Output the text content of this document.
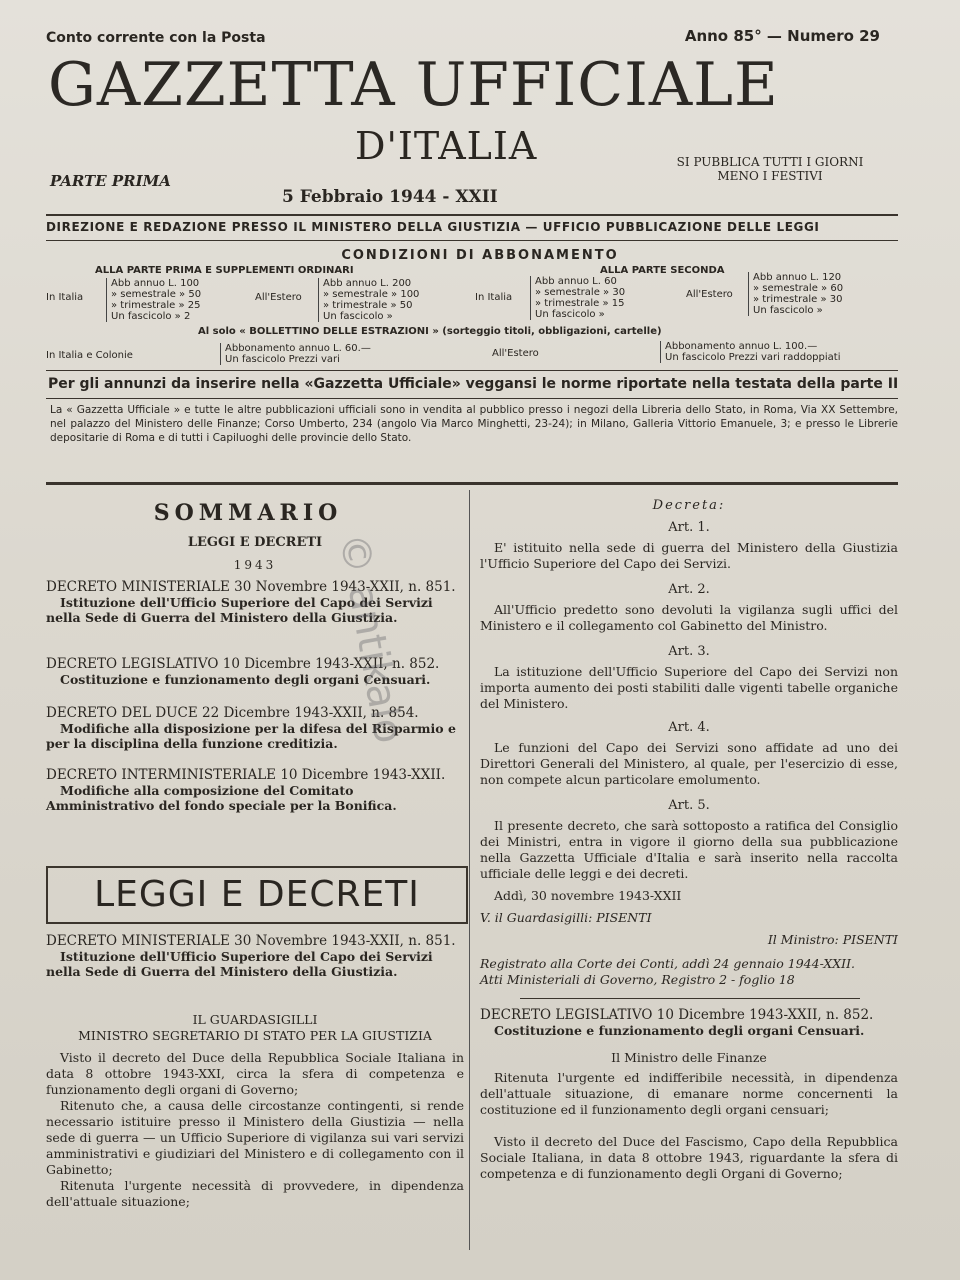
Conto corrente con la Posta	Anno 85° — Numero 29
GAZZETTA UFFICIALE
D'ITALIA
PARTE PRIMA
5 Febbraio 1944 - XXII
SI PUBBLICA TUTTI I GIORNI
MENO I FESTIVI
DIREZIONE E REDAZIONE PRESSO IL MINISTERO DELLA GIUSTIZIA — UFFICIO PUBBLICAZIONE DELLE LEGGI
CONDIZIONI DI ABBONAMENTO
ALLA PARTE PRIMA E SUPPLEMENTI ORDINARI	ALLA PARTE SECONDA
In Italia
Abb annuo L. 100
» semestrale » 50
» trimestrale » 25
Un fascicolo » 2
All'Estero
Abb annuo L. 200
» semestrale » 100
» trimestrale » 50
Un fascicolo »
In Italia
Abb annuo L. 60
» semestrale » 30
» trimestrale » 15
Un fascicolo »
All'Estero
Abb annuo L. 120
» semestrale » 60
» trimestrale » 30
Un fascicolo »
Al solo « BOLLETTINO DELLE ESTRAZIONI » (sorteggio titoli, obbligazioni, cartelle)
In Italia e Colonie
Abbonamento annuo L. 60.—
Un fascicolo Prezzi vari
All'Estero
Abbonamento annuo L. 100.—
Un fascicolo Prezzi vari raddoppiati
Per gli annunzi da inserire nella «Gazzetta Ufficiale» veggansi le norme riportate nella testata della parte II
La « Gazzetta Ufficiale » e tutte le altre pubblicazioni ufficiali sono in vendita al pubblico presso i negozi della Libreria dello Stato, in Roma, Via XX Settembre, nel palazzo del Ministero delle Finanze; Corso Umberto, 234 (angolo Via Marco Minghetti, 23-24); in Milano, Galleria Vittorio Emanuele, 3; e presso le Librerie depositarie di Roma e di tutti i Capiluoghi delle provincie dello Stato.
SOMMARIO
LEGGI E DECRETI
1943
DECRETO MINISTERIALE 30 Novembre 1943-XXII, n. 851.
Istituzione dell'Ufficio Superiore del Capo dei Servizi nella Sede di Guerra del Ministero della Giustizia.
DECRETO LEGISLATIVO 10 Dicembre 1943-XXII, n. 852.
Costituzione e funzionamento degli organi Censuari.
DECRETO DEL DUCE 22 Dicembre 1943-XXII, n. 854.
Modifiche alla disposizione per la difesa del Risparmio e per la disciplina della funzione creditizia.
DECRETO INTERMINISTERIALE 10 Dicembre 1943-XXII.
Modifiche alla composizione del Comitato Amministrativo del fondo speciale per la Bonifica.
LEGGI E DECRETI
DECRETO MINISTERIALE 30 Novembre 1943-XXII, n. 851.
Istituzione dell'Ufficio Superiore del Capo dei Servizi nella Sede di Guerra del Ministero della Giustizia.
IL GUARDASIGILLI
MINISTRO SEGRETARIO DI STATO PER LA GIUSTIZIA
Visto il decreto del Duce della Repubblica Sociale Italiana in data 8 ottobre 1943-XXI, circa la sfera di competenza e funzionamento degli organi di Governo;
Ritenuto che, a causa delle circostanze contingenti, si rende necessario istituire presso il Ministero della Giustizia — nella sede di guerra — un Ufficio Superiore di vigilanza sui vari servizi amministrativi e giudiziari del Ministero e di collegamento con il Gabinetto;
Ritenuta l'urgente necessità di provvedere, in dipendenza dell'attuale situazione;
Decreta:
Art. 1.
E' istituito nella sede di guerra del Ministero della Giustizia l'Ufficio Superiore del Capo dei Servizi.
Art. 2.
All'Ufficio predetto sono devoluti la vigilanza sugli uffici del Ministero e il collegamento col Gabinetto del Ministro.
Art. 3.
La istituzione dell'Ufficio Superiore del Capo dei Servizi non importa aumento dei posti stabiliti dalle vigenti tabelle organiche del Ministero.
Art. 4.
Le funzioni del Capo dei Servizi sono affidate ad uno dei Direttori Generali del Ministero, al quale, per l'esercizio di esse, non compete alcun particolare emolumento.
Art. 5.
Il presente decreto, che sarà sottoposto a ratifica del Consiglio dei Ministri, entra in vigore il giorno della sua pubblicazione nella Gazzetta Ufficiale d'Italia e sarà inserito nella raccolta ufficiale delle leggi e dei decreti.
Addì, 30 novembre 1943-XXII
V. il Guardasigilli: PISENTI
Il Ministro: PISENTI
Registrato alla Corte dei Conti, addì 24 gennaio 1944-XXII.
Atti Ministeriali di Governo, Registro 2 - foglio 18
DECRETO LEGISLATIVO 10 Dicembre 1943-XXII, n. 852.
Costituzione e funzionamento degli organi Censuari.
Il Ministro delle Finanze
Ritenuta l'urgente ed indifferibile necessità, in dipendenza dell'attuale situazione, di emanare norme concernenti la costituzione ed il funzionamento degli organi censuari;
Visto il decreto del Duce del Fascismo, Capo della Repubblica Sociale Italiana, in data 8 ottobre 1943, riguardante la sfera di competenza e di funzionamento degli Organi di Governo;
© antikalo
